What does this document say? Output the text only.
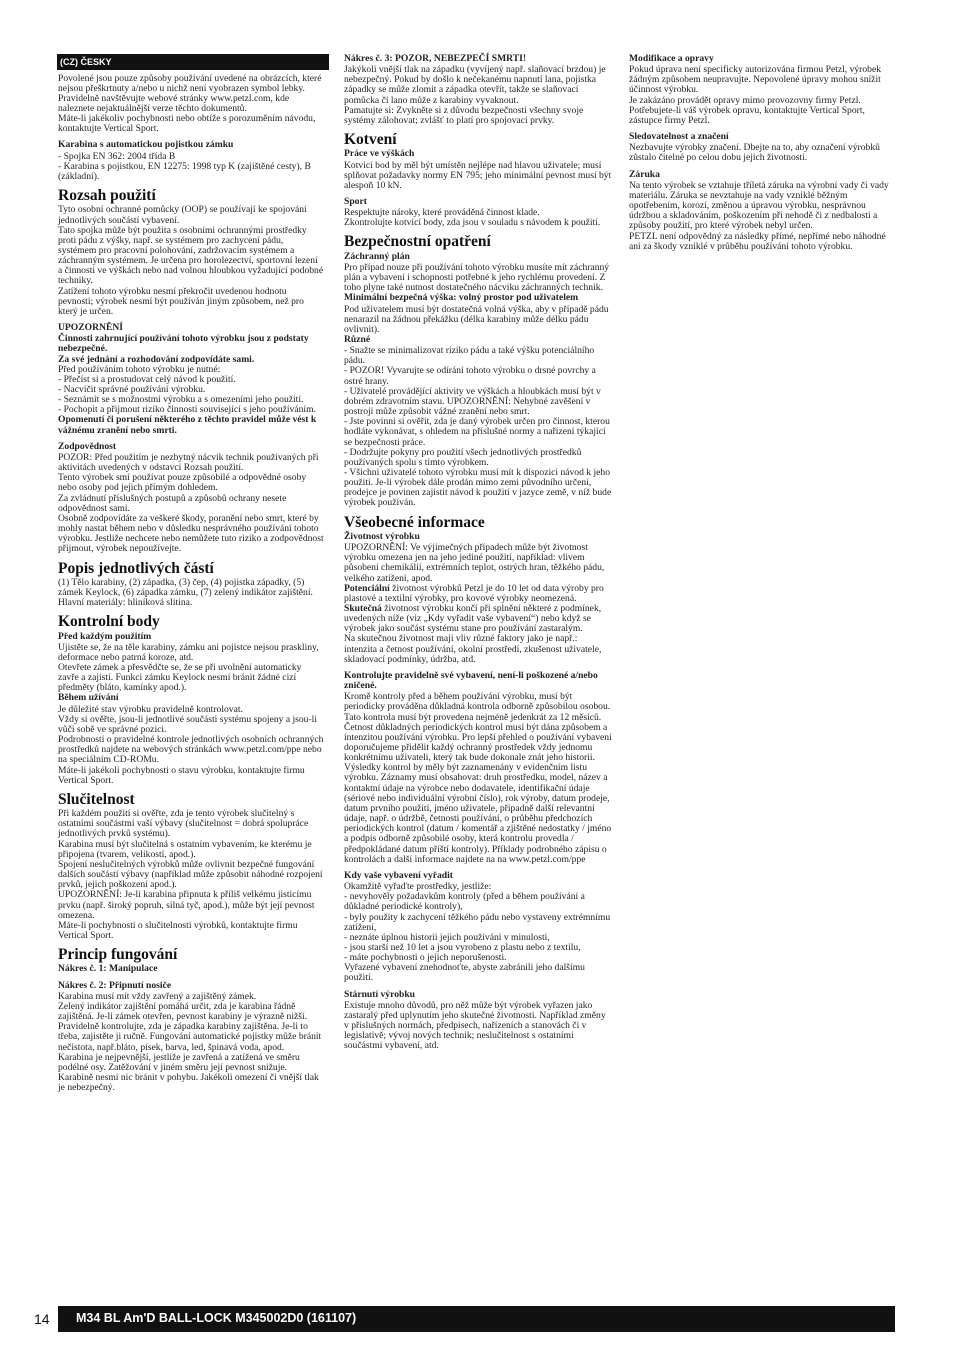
(CZ) ČESKY

Povolené jsou pouze způsoby používání uvedené na obrázcích, které nejsou přeškrtnuty a/nebo u nichž není vyobrazen symbol lebky. Pravidelně navštěvujte webové stránky www.petzl.com, kde naleznete nejaktuálnější verze těchto dokumentů.
Máte-li jakékoliv pochybnosti nebo obtíže s porozuměním návodu, kontaktujte Vertical Sport.

Karabina s automatickou pojistkou zámku

- Spojka EN 362: 2004 třída B
- Karabina s pojistkou, EN 12275: 1998 typ K (zajištěné cesty), B (základní).

Rozsah použití

Tyto osobní ochranné pomůcky (OOP) se používají ke spojování jednotlivých součástí vybavení.
Tato spojka může být použita s osobními ochrannými prostředky proti pádu z výšky, např. se systémem pro zachycení pádu, systémem pro pracovní polohování, zadržovacím systémem a záchranným systémem. Je určena pro horolezectví, sportovní lezení a činnosti ve výškách nebo nad volnou hloubkou vyžadující podobné techniky.
Zatížení tohoto výrobku nesmí překročit uvedenou hodnotu pevnosti; výrobek nesmí být používán jiným způsobem, než pro který je určen.

UPOZORNĚNÍ

Činnosti zahrnující používání tohoto výrobku jsou z podstaty nebezpečné.
Za své jednání a rozhodování zodpovídáte sami.

Před používáním tohoto výrobku je nutné:
- Přečíst si a prostudovat celý návod k použití.
- Nacvičit správné používání výrobku.
- Seznámit se s možnostmi výrobku a s omezeními jeho použití.
- Pochopit a přijmout riziko činnosti související s jeho používáním.

Opomenutí či porušení některého z těchto pravidel může vést k vážnému zranění nebo smrti.

Zodpovědnost

POZOR: Před použitím je nezbytný nácvik technik používaných při aktivitách uvedených v odstavci Rozsah použití.
Tento výrobek smí používat pouze způsobilé a odpovědné osoby nebo osoby pod jejich přímým dohledem.
Za zvládnutí příslušných postupů a způsobů ochrany nesete odpovědnost sami.
Osobně zodpovídáte za veškeré škody, poranění nebo smrt, které by mohly nastat během nebo v důsledku nesprávného používání tohoto výrobku. Jestliže nechcete nebo nemůžete tuto riziko a zodpovědnost přijmout, výrobek nepoužívejte.

Popis jednotlivých částí

(1) Tělo karabiny, (2) západka, (3) čep, (4) pojistka západky, (5) zámek Keylock, (6) západka zámku, (7) zelený indikátor zajištění.
Hlavní materiály: hliníková slitina.

Kontrolní body
Před každým použitím

Ujistěte se, že na těle karabiny, zámku ani pojistce nejsou praskliny, deformace nebo patrná koroze, atd.
Otevřete zámek a přesvědčte se, že se při uvolnění automaticky zavře a zajistí. Funkci zámku Keylock nesmí bránit žádné cizí předměty (bláto, kamínky apod.).

Během užívání

Je důležité stav výrobku pravidelně kontrolovat.
Vždy si ověřte, jsou-li jednotlivé součásti systému spojeny a jsou-li vůči sobě ve správné pozici.
Podrobnosti o pravidelné kontrole jednotlivých osobních ochranných prostředků najdete na webových stránkách www.petzl.com/ppe nebo na speciálním CD-ROMu.
Máte-li jakékoli pochybnosti o stavu výrobku, kontaktujte firmu Vertical Sport.

Slučitelnost

Při každém použití si ověřte, zda je tento výrobek slučitelný s ostatními součástmi vaší výbavy (slučitelnost = dobrá spolupráce jednotlivých prvků systému).
Karabina musí být slučitelná s ostatním vybavením, ke kterému je připojena (tvarem, velikostí, apod.).
Spojení neslučitelných výrobků může ovlivnit bezpečné fungování dalších součástí výbavy (například může způsobit náhodné rozpojení prvků, jejich poškození apod.).
UPOZORNĚNÍ: Je-li karabina připnuta k příliš velkému jisticímu prvku (např. široký popruh, silná tyč, apod.), může být její pevnost omezena.
Máte-li pochybnosti o slučitelnosti výrobků, kontaktujte firmu Vertical Sport.

Princip fungování
Nákres č. 1: Manipulace
Nákres č. 2: Připnutí nosiče

Karabina musí mít vždy zavřený a zajištěný zámek.
Zelený indikátor zajištění pomáhá určit, zda je karabina řádně zajištěná. Je-li zámek otevřen, pevnost karabiny je výrazně nižší. Pravidelně kontrolujte, zda je západka karabiny zajištěna. Je-li to třeba, zajistěte ji ručně. Fungování automatické pojistky může bránit nečistota, např.bláto, písek, barva, led, špinavá voda, apod.
Karabina je nejpevnější, jestliže je zavřená a zatížená ve směru podélné osy. Zatěžování v jiném směru její pevnost snižuje.
Karabině nesmí nic bránit v pohybu. Jakékoli omezení či vnější tlak je nebezpečný.

Nákres č. 3: POZOR, NEBEZPEČÍ SMRTI!

Jakýkoli vnější tlak na západku (vyvíjený např. slaňovací brzdou) je nebezpečný. Pokud by došlo k nečekanému napnutí lana, pojistka západky se může zlomit a západka otevřít, takže se slaňovací pomůcka či lano může z karabiny vyvaknout.
Pamatujte si: Zvykněte si z důvodu bezpečnosti všechny svoje systémy zálohovat; zvlášť to platí pro spojovací prvky.

Kotvení
Práce ve výškách

Kotvicí bod by měl být umístěn nejlépe nad hlavou uživatele; musí splňovat požadavky normy EN 795; jeho minimální pevnost musí být alespoň 10 kN.

Sport

Respektujte nároky, které prováděná činnost klade.
Zkontrolujte kotvicí body, zda jsou v souladu s návodem k použití.

Bezpečnostní opatření
Záchranný plán

Pro případ nouze při používání tohoto výrobku musíte mít záchranný plán a vybavení i schopnosti potřebné k jeho rychlému provedení. Z toho plyne také nutnost dostatečného nácviku záchranných technik.

Minimální bezpečná výška: volný prostor pod uživatelem

Pod uživatelem musí být dostatečná volná výška, aby v případě pádu nenarazil na žádnou překážku (délka karabiny může délku pádu ovlivnit).

Různé

- Snažte se minimalizovat riziko pádu a také výšku potenciálního pádu.
- POZOR! Vyvarujte se odírání tohoto výrobku o drsné povrchy a ostré hrany.
- Uživatelé provádějící aktivity ve výškách a hloubkách musí být v dobrém zdravotním stavu. UPOZORNĚNÍ: Nehybné zavěšení v postroji může způsobit vážné zranění nebo smrt.
- Jste povinni si ověřit, zda je daný výrobek určen pro činnost, kterou hodláte vykonávat, s ohledem na příslušné normy a nařízení týkající se bezpečnosti práce.
- Dodržujte pokyny pro použití všech jednotlivých prostředků používaných spolu s tímto výrobkem.
- Všichni uživatelé tohoto výrobku musí mít k dispozici návod k jeho použití. Je-li výrobek dále prodán mimo zemi původního určení, prodejce je povinen zajistit návod k použití v jazyce země, v níž bude výrobek používán.

Všeobecné informace
Životnost výrobku

UPOZORNĚNÍ: Ve výjimečných případech může být životnost výrobku omezena jen na jeho jediné použití, například: vlivem působení chemikálií, extrémních teplot, ostrých hran, těžkého pádu, velkého zatížení, apod.

Potenciální životnost výrobků Petzl je do 10 let od data výroby pro plastové a textilní výrobky, pro kovové výrobky neomezená.

Skutečná životnost výrobku končí při splnění některé z podmínek, uvedených níže (viz „Kdy vyřadit vaše vybavení“) nebo když se výrobek jako součást systému stane pro používání zastaralým.
Na skutečnou životnost mají vliv různé faktory jako je např.: intenzita a četnost používání, okolní prostředí, zkušenost uživatele, skladovací podmínky, údržba, atd.

Kontrolujte pravidelně své vybavení, není-li poškozené a/nebo zničené.

Kromě kontroly před a během používání výrobku, musí být periodicky prováděna důkladná kontrola odborně způsobilou osobou. Tato kontrola musí být provedena nejméně jedenkrát za 12 měsíců. Četnost důkladných periodických kontrol musí být dána způsobem a intenzitou používání výrobku. Pro lepší přehled o používání vybavení doporučujeme přidělit každý ochranný prostředek vždy jednomu konkrétnímu uživateli, který tak bude dokonale znát jeho historii. Výsledky kontrol by měly být zaznamenány v evidenčním listu výrobku. Záznamy musí obsahovat: druh prostředku, model, název a kontaktní údaje na výrobce nebo dodavatele, identifikační údaje (sériové nebo individuální výrobní číslo), rok výroby, datum prodeje, datum prvního použití, jméno uživatele, případně další relevantní údaje, např. o údržbě, četnosti používání, o průběhu předchozích periodických kontrol (datum / komentář a zjištěné nedostatky / jméno a podpis odborně způsobilé osoby, která kontrolu provedla / předpokládané datum příští kontroly). Příklady podrobného zápisu o kontrolách a další informace najdete na na www.petzl.com/ppe

Kdy vaše vybavení vyřadit

Okamžitě vyřaďte prostředky, jestliže:
- nevyhověly požadavkům kontroly (před a během používání a důkladné periodické kontroly),
- byly použity k zachycení těžkého pádu nebo vystaveny extrémnímu zatížení,
- neznáte úplnou historii jejich používání v minulosti,
- jsou starší než 10 let a jsou vyrobeno z plastu nebo z textilu,
- máte pochybnosti o jejich neporušenosti.
Vyřazené vybavení znehodnoťte, abyste zabránili jeho dalšímu použití.

Stárnutí výrobku

Existuje mnoho důvodů, pro něž může být výrobek vyřazen jako zastaralý před uplynutím jeho skutečné životnosti. Například změny v příslušných normách, předpisech, nařízeních a stanovách či v legislativě; vývoj nových technik; neslučitelnost s ostatními součástmi vybavení, atd.

Modifikace a opravy

Pokud úprava není specificky autorizována firmou Petzl, výrobek žádným způsobem neupravujte. Nepovolené úpravy mohou snížit účinnost výrobku.
Je zakázáno provádět opravy mimo provozovny firmy Petzl. Potřebujete-li váš výrobek opravu, kontaktujte Vertical Sport, zástupce firmy Petzl.

Sledovatelnost a značení

Nezbavujte výrobky značení. Dbejte na to, aby označení výrobků zůstalo čitelné po celou dobu jejich životnosti.

Záruka

Na tento výrobek se vztahuje tříletá záruka na výrobní vady či vady materiálu. Záruka se nevztahuje na vady vzniklé běžným opotřebením, korozí, změnou a úpravou výrobku, nesprávnou údržbou a skladováním, poškozením při nehodě či z nedbalosti a způsoby použití, pro které výrobek nebyl určen.
PETZL není odpovědný za následky přímé, nepřímé nebo náhodné ani za škody vzniklé v průběhu používání tohoto výrobku.

14 M34 BL Am'D BALL-LOCK M345002D0 (161107)
